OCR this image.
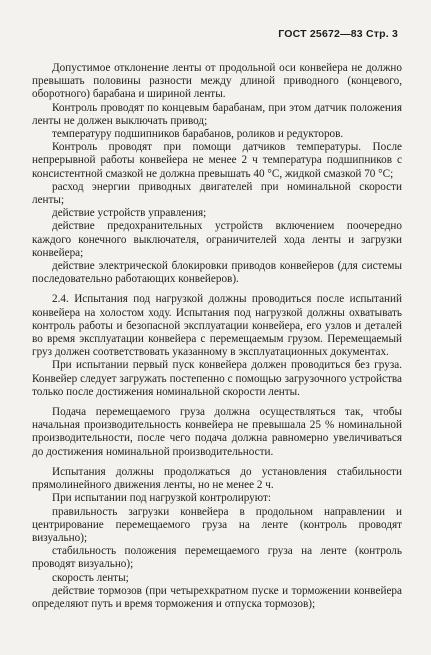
ГОСТ 25672—83 Стр. 3

Допустимое отклонение ленты от продольной оси конвейера не должно превышать половины разности между длиной приводного (концевого, оборотного) барабана и шириной ленты.

Контроль проводят по концевым барабанам, при этом датчик положения ленты не должен выключать привод;

температуру подшипников барабанов, роликов и редукторов.

Контроль проводят при помощи датчиков температуры. После непрерывной работы конвейера не менее 2 ч температура подшипников с консистентной смазкой не должна превышать 40 °C, жидкой смазкой 70 °C;

расход энергии приводных двигателей при номинальной скорости ленты;

действие устройств управления;

действие предохранительных устройств включением поочередно каждого конечного выключателя, ограничителей хода ленты и загрузки конвейера;

действие электрической блокировки приводов конвейеров (для системы последовательно работающих конвейеров).

2.4. Испытания под нагрузкой должны проводиться после испытаний конвейера на холостом ходу. Испытания под нагрузкой должны охватывать контроль работы и безопасной эксплуатации конвейера, его узлов и деталей во время эксплуатации конвейера с перемещаемым грузом. Перемещаемый груз должен соответствовать указанному в эксплуатационных документах.

При испытании первый пуск конвейера должен проводиться без груза. Конвейер следует загружать постепенно с помощью загрузочного устройства только после достижения номинальной скорости ленты.

Подача перемещаемого груза должна осуществляться так, чтобы начальная производительность конвейера не превышала 25 % номинальной производительности, после чего подача должна равномерно увеличиваться до достижения номинальной производительности.

Испытания должны продолжаться до установления стабильности прямолинейного движения ленты, но не менее 2 ч.

При испытании под нагрузкой контролируют:

правильность загрузки конвейера в продольном направлении и центрирование перемещаемого груза на ленте (контроль проводят визуально);

стабильность положения перемещаемого груза на ленте (контроль проводят визуально);

скорость ленты;

действие тормозов (при четырехкратном пуске и торможении конвейера определяют путь и время торможения и отпуска тормозов);
